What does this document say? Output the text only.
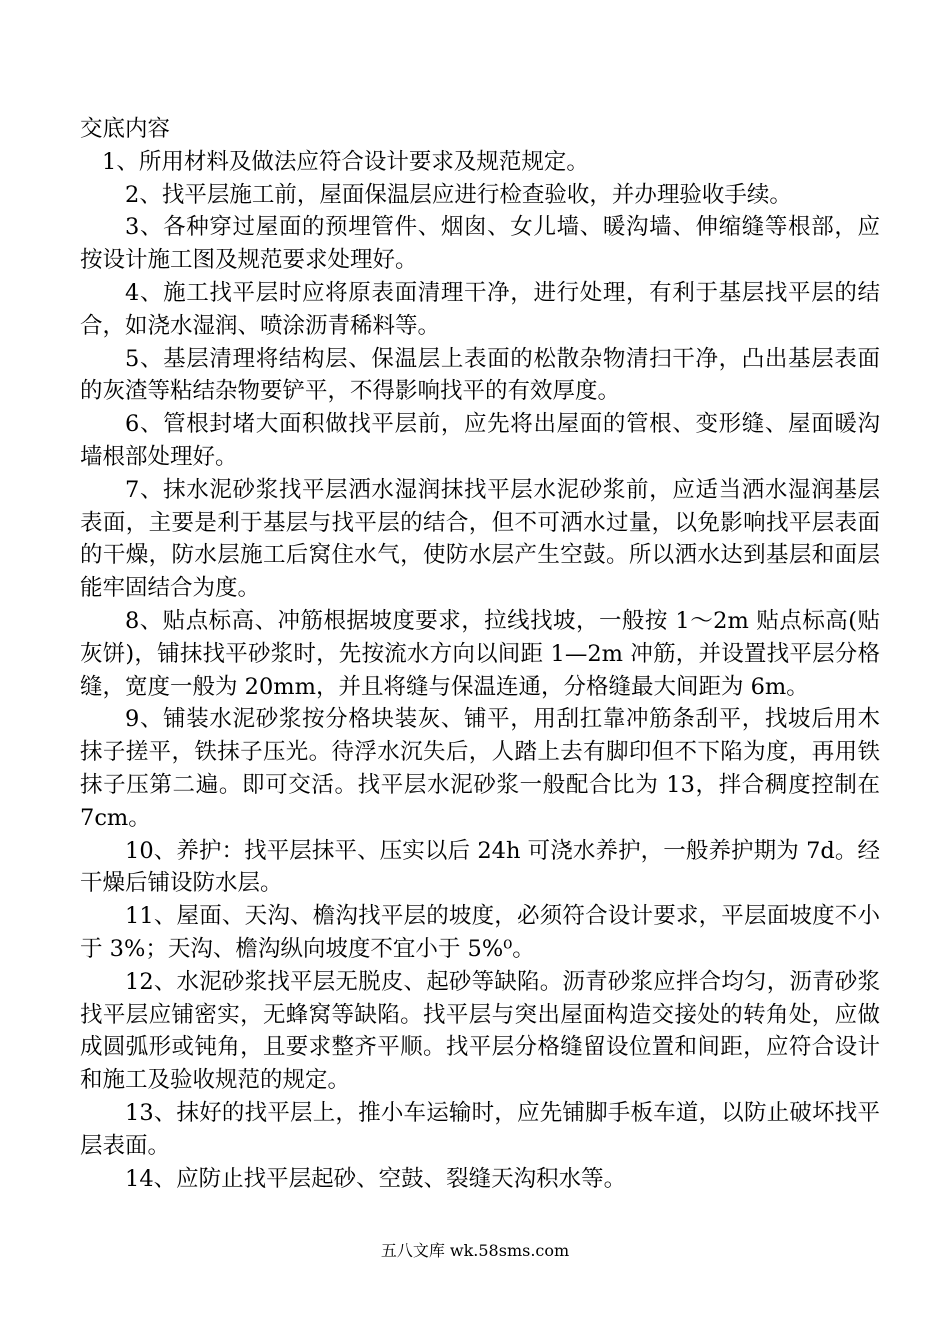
交底内容

1、所用材料及做法应符合设计要求及规范规定。

2、找平层施工前，屋面保温层应进行检查验收，并办理验收手续。

3、各种穿过屋面的预埋管件、烟囱、女儿墙、暖沟墙、伸缩缝等根部，应按设计施工图及规范要求处理好。

4、施工找平层时应将原表面清理干净，进行处理，有利于基层找平层的结合，如浇水湿润、喷涂沥青稀料等。

5、基层清理将结构层、保温层上表面的松散杂物清扫干净，凸出基层表面的灰渣等粘结杂物要铲平，不得影响找平的有效厚度。

6、管根封堵大面积做找平层前，应先将出屋面的管根、变形缝、屋面暖沟墙根部处理好。

7、抹水泥砂浆找平层洒水湿润抹找平层水泥砂浆前，应适当洒水湿润基层表面，主要是利于基层与找平层的结合，但不可洒水过量，以免影响找平层表面的干燥，防水层施工后窝住水气，使防水层产生空鼓。所以洒水达到基层和面层能牢固结合为度。

8、贴点标高、冲筋根据坡度要求，拉线找坡，一般按 1～2m 贴点标高(贴灰饼)，铺抹找平砂浆时，先按流水方向以间距 1—2m 冲筋，并设置找平层分格缝，宽度一般为 20mm，并且将缝与保温连通，分格缝最大间距为 6m。

9、铺装水泥砂浆按分格块装灰、铺平，用刮扛靠冲筋条刮平，找坡后用木抹子搓平，铁抹子压光。待浮水沉失后，人踏上去有脚印但不下陷为度，再用铁抹子压第二遍。即可交活。找平层水泥砂浆一般配合比为 13，拌合稠度控制在 7cm。

10、养护：找平层抹平、压实以后 24h 可浇水养护，一般养护期为 7d。经干燥后铺设防水层。

11、屋面、天沟、檐沟找平层的坡度，必须符合设计要求，平层面坡度不小于 3%；天沟、檐沟纵向坡度不宜小于 5%⁰。

12、水泥砂浆找平层无脱皮、起砂等缺陷。沥青砂浆应拌合均匀，沥青砂浆找平层应铺密实，无蜂窝等缺陷。找平层与突出屋面构造交接处的转角处，应做成圆弧形或钝角，且要求整齐平顺。找平层分格缝留设位置和间距，应符合设计和施工及验收规范的规定。

13、抹好的找平层上，推小车运输时，应先铺脚手板车道，以防止破坏找平层表面。

14、应防止找平层起砂、空鼓、裂缝天沟积水等。

五八文库 wk.58sms.com
